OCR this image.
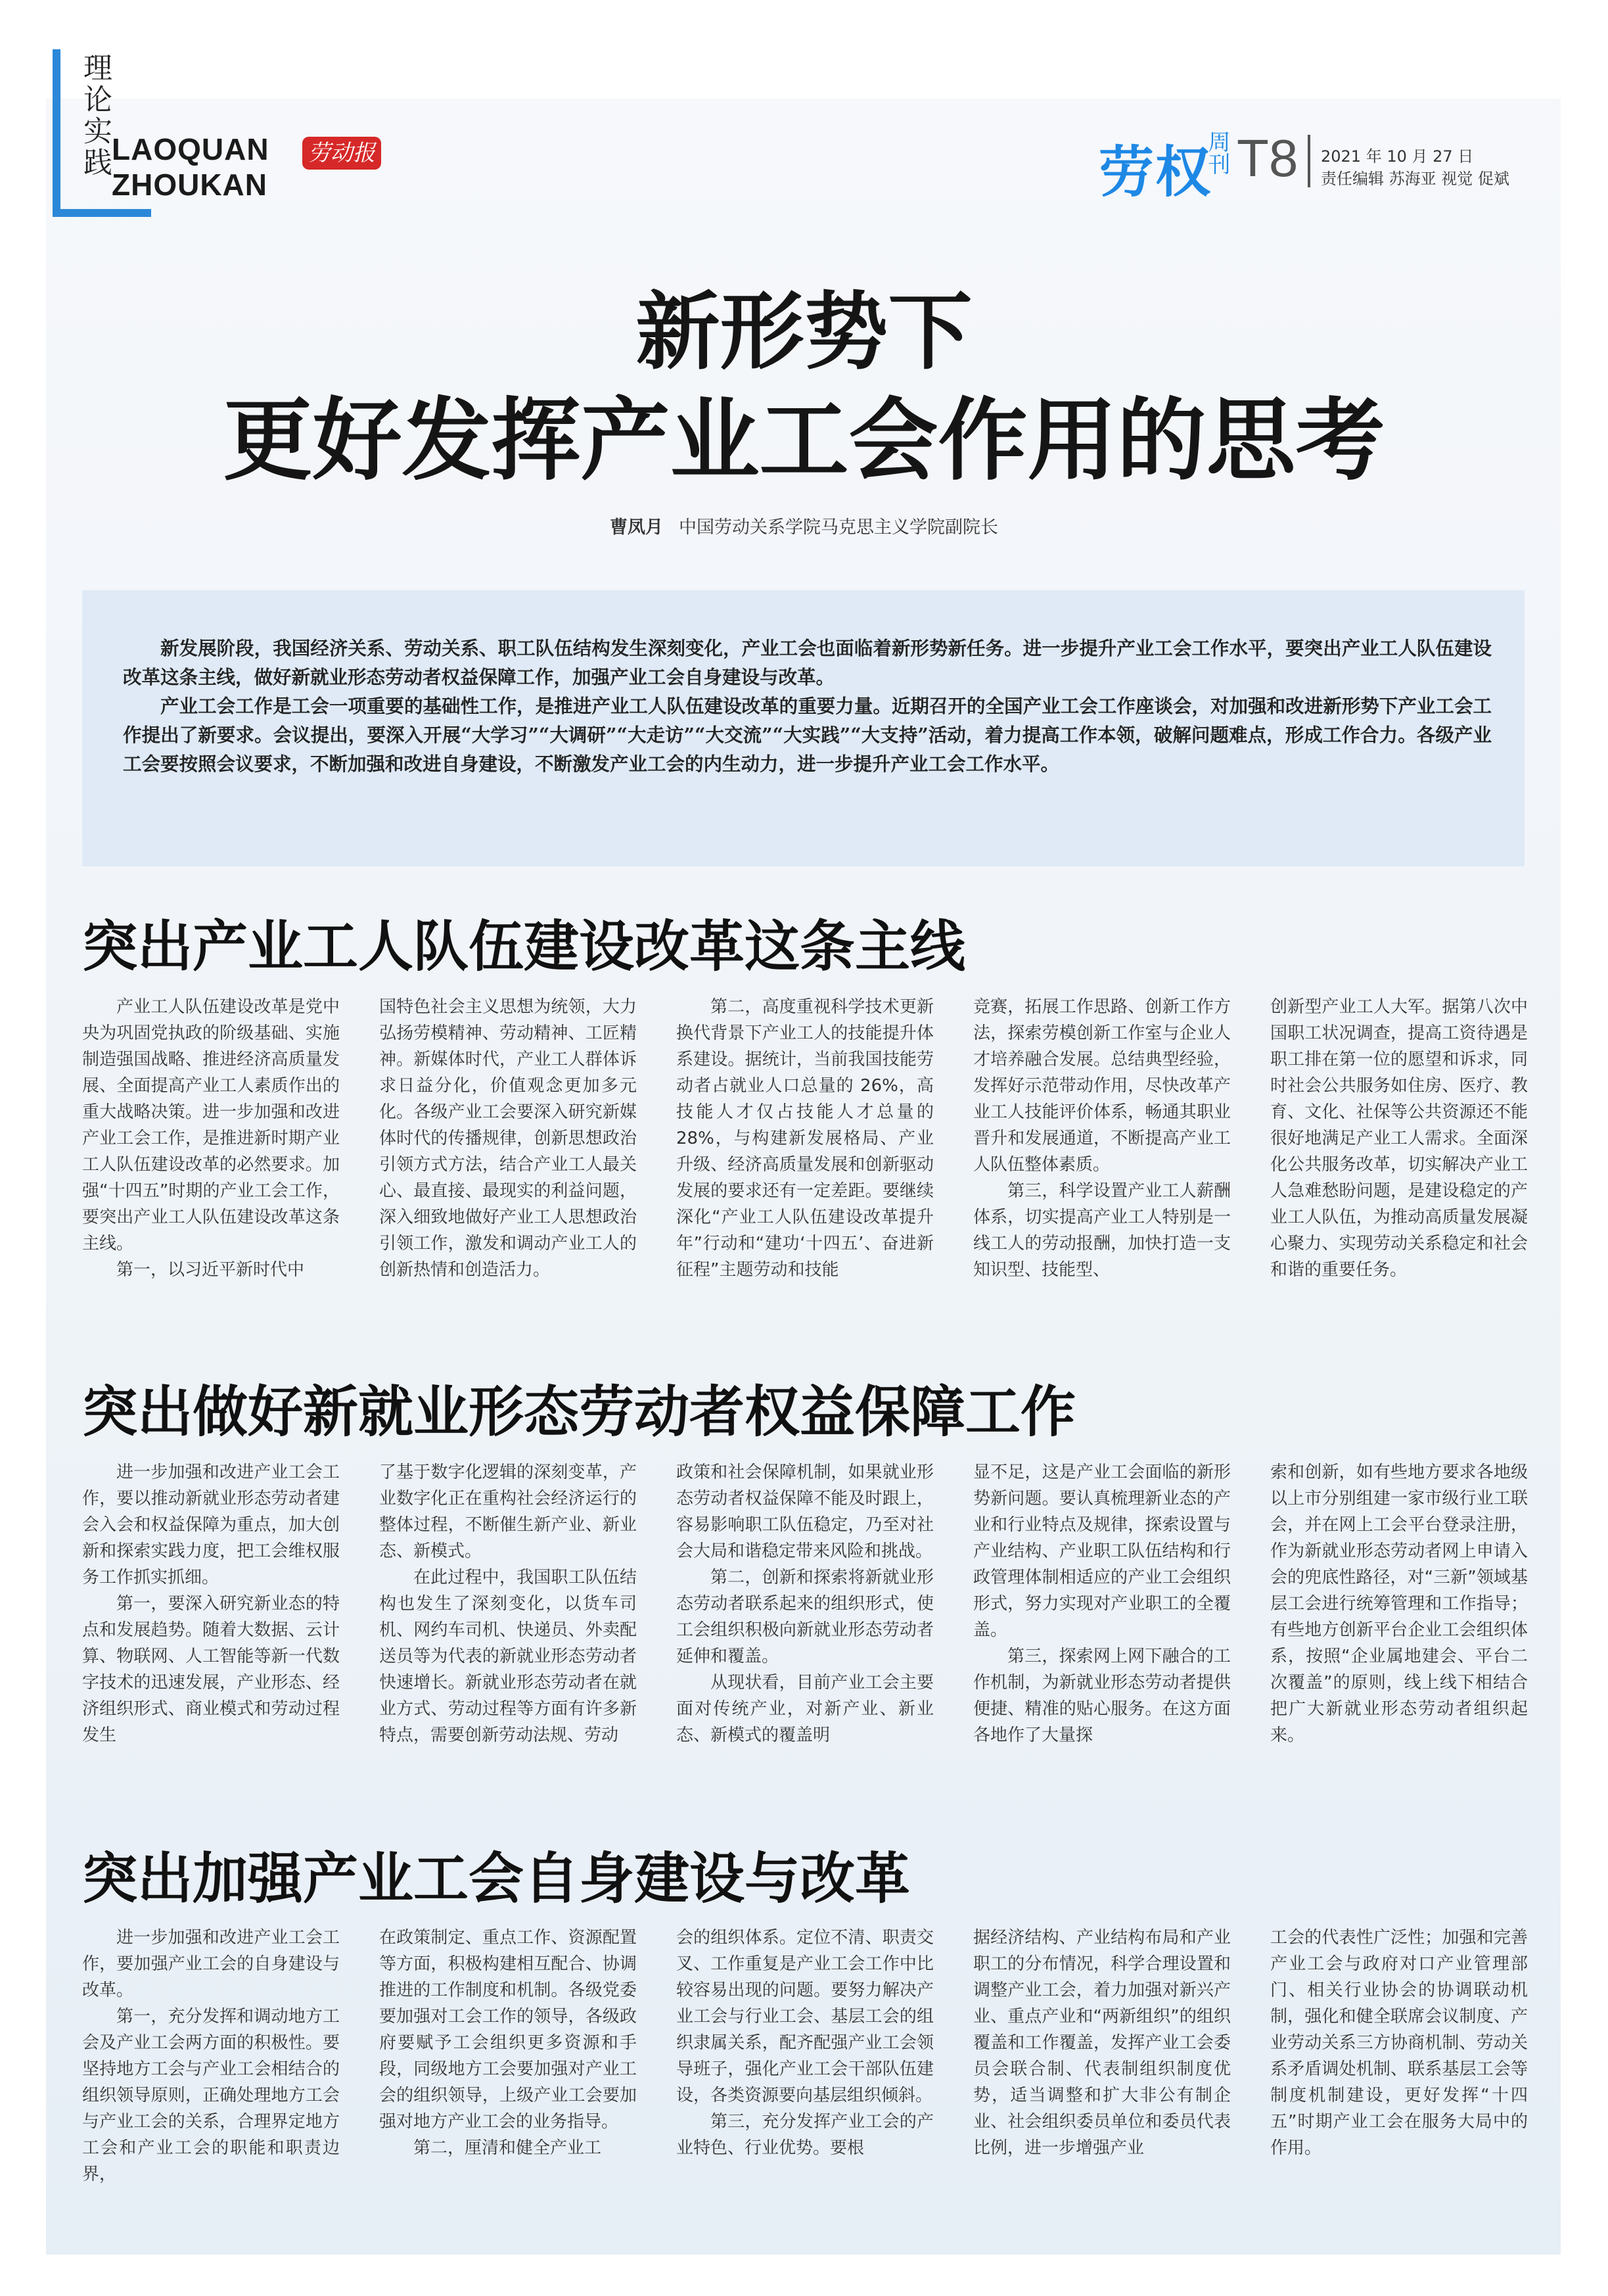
理论实践 LAOQUAN
ZHOUKAN
劳动报	劳权
周刊 T8 2021 年 10 月 27 日
责任编辑 苏海亚 视觉 促斌
新形势下
更好发挥产业工会作用的思考
曹凤月 中国劳动关系学院马克思主义学院副院长

新发展阶段，我国经济关系、劳动关系、职工队伍结构发生深刻变化，产业工会也面临着新形势新任务。进一步提升产业工会工作水平，要突出产业工人队伍建设改革这条主线，做好新就业形态劳动者权益保障工作，加强产业工会自身建设与改革。

产业工会工作是工会一项重要的基础性工作，是推进产业工人队伍建设改革的重要力量。近期召开的全国产业工会工作座谈会，对加强和改进新形势下产业工会工作提出了新要求。会议提出，要深入开展“大学习”“大调研”“大走访”“大交流”“大实践”“大支持”活动，着力提高工作本领，破解问题难点，形成工作合力。各级产业工会要按照会议要求，不断加强和改进自身建设，不断激发产业工会的内生动力，进一步提升产业工会工作水平。

突出产业工人队伍建设改革这条主线

产业工人队伍建设改革是党中央为巩固党执政的阶级基础、实施制造强国战略、推进经济高质量发展、全面提高产业工人素质作出的重大战略决策。进一步加强和改进产业工会工作，是推进新时期产业工人队伍建设改革的必然要求。加强“十四五”时期的产业工会工作，要突出产业工人队伍建设改革这条主线。

第一，以习近平新时代中

国特色社会主义思想为统领，大力弘扬劳模精神、劳动精神、工匠精神。新媒体时代，产业工人群体诉求日益分化，价值观念更加多元化。各级产业工会要深入研究新媒体时代的传播规律，创新思想政治引领方式方法，结合产业工人最关心、最直接、最现实的利益问题，深入细致地做好产业工人思想政治引领工作，激发和调动产业工人的创新热情和创造活力。

第二，高度重视科学技术更新换代背景下产业工人的技能提升体系建设。据统计，当前我国技能劳动者占就业人口总量的 26%，高技能人才仅占技能人才总量的 28%，与构建新发展格局、产业升级、经济高质量发展和创新驱动发展的要求还有一定差距。要继续深化“产业工人队伍建设改革提升年”行动和“建功‘十四五’、奋进新征程”主题劳动和技能

竞赛，拓展工作思路、创新工作方法，探索劳模创新工作室与企业人才培养融合发展。总结典型经验，发挥好示范带动作用，尽快改革产业工人技能评价体系，畅通其职业晋升和发展通道，不断提高产业工人队伍整体素质。

第三，科学设置产业工人薪酬体系，切实提高产业工人特别是一线工人的劳动报酬，加快打造一支知识型、技能型、

创新型产业工人大军。据第八次中国职工状况调查，提高工资待遇是职工排在第一位的愿望和诉求，同时社会公共服务如住房、医疗、教育、文化、社保等公共资源还不能很好地满足产业工人需求。全面深化公共服务改革，切实解决产业工人急难愁盼问题，是建设稳定的产业工人队伍，为推动高质量发展凝心聚力、实现劳动关系稳定和社会和谐的重要任务。

突出做好新就业形态劳动者权益保障工作

进一步加强和改进产业工会工作，要以推动新就业形态劳动者建会入会和权益保障为重点，加大创新和探索实践力度，把工会维权服务工作抓实抓细。

第一，要深入研究新业态的特点和发展趋势。随着大数据、云计算、物联网、人工智能等新一代数字技术的迅速发展，产业形态、经济组织形式、商业模式和劳动过程发生

了基于数字化逻辑的深刻变革，产业数字化正在重构社会经济运行的整体过程，不断催生新产业、新业态、新模式。

在此过程中，我国职工队伍结构也发生了深刻变化，以货车司机、网约车司机、快递员、外卖配送员等为代表的新就业形态劳动者快速增长。新就业形态劳动者在就业方式、劳动过程等方面有许多新特点，需要创新劳动法规、劳动

政策和社会保障机制，如果就业形态劳动者权益保障不能及时跟上，容易影响职工队伍稳定，乃至对社会大局和谐稳定带来风险和挑战。

第二，创新和探索将新就业形态劳动者联系起来的组织形式，使工会组织积极向新就业形态劳动者延伸和覆盖。

从现状看，目前产业工会主要面对传统产业，对新产业、新业态、新模式的覆盖明

显不足，这是产业工会面临的新形势新问题。要认真梳理新业态的产业和行业特点及规律，探索设置与产业结构、产业职工队伍结构和行政管理体制相适应的产业工会组织形式，努力实现对产业职工的全覆盖。

第三，探索网上网下融合的工作机制，为新就业形态劳动者提供便捷、精准的贴心服务。在这方面各地作了大量探

索和创新，如有些地方要求各地级以上市分别组建一家市级行业工联会，并在网上工会平台登录注册，作为新就业形态劳动者网上申请入会的兜底性路径，对“三新”领域基层工会进行统筹管理和工作指导；有些地方创新平台企业工会组织体系，按照“企业属地建会、平台二次覆盖”的原则，线上线下相结合把广大新就业形态劳动者组织起来。

突出加强产业工会自身建设与改革

进一步加强和改进产业工会工作，要加强产业工会的自身建设与改革。

第一，充分发挥和调动地方工会及产业工会两方面的积极性。要坚持地方工会与产业工会相结合的组织领导原则，正确处理地方工会与产业工会的关系，合理界定地方工会和产业工会的职能和职责边界，

在政策制定、重点工作、资源配置等方面，积极构建相互配合、协调推进的工作制度和机制。各级党委要加强对工会工作的领导，各级政府要赋予工会组织更多资源和手段，同级地方工会要加强对产业工会的组织领导，上级产业工会要加强对地方产业工会的业务指导。

第二，厘清和健全产业工

会的组织体系。定位不清、职责交叉、工作重复是产业工会工作中比较容易出现的问题。要努力解决产业工会与行业工会、基层工会的组织隶属关系，配齐配强产业工会领导班子，强化产业工会干部队伍建设，各类资源要向基层组织倾斜。

第三，充分发挥产业工会的产业特色、行业优势。要根

据经济结构、产业结构布局和产业职工的分布情况，科学合理设置和调整产业工会，着力加强对新兴产业、重点产业和“两新组织”的组织覆盖和工作覆盖，发挥产业工会委员会联合制、代表制组织制度优势，适当调整和扩大非公有制企业、社会组织委员单位和委员代表比例，进一步增强产业

工会的代表性广泛性；加强和完善产业工会与政府对口产业管理部门、相关行业协会的协调联动机制，强化和健全联席会议制度、产业劳动关系三方协商机制、劳动关系矛盾调处机制、联系基层工会等制度机制建设，更好发挥“十四五”时期产业工会在服务大局中的作用。
